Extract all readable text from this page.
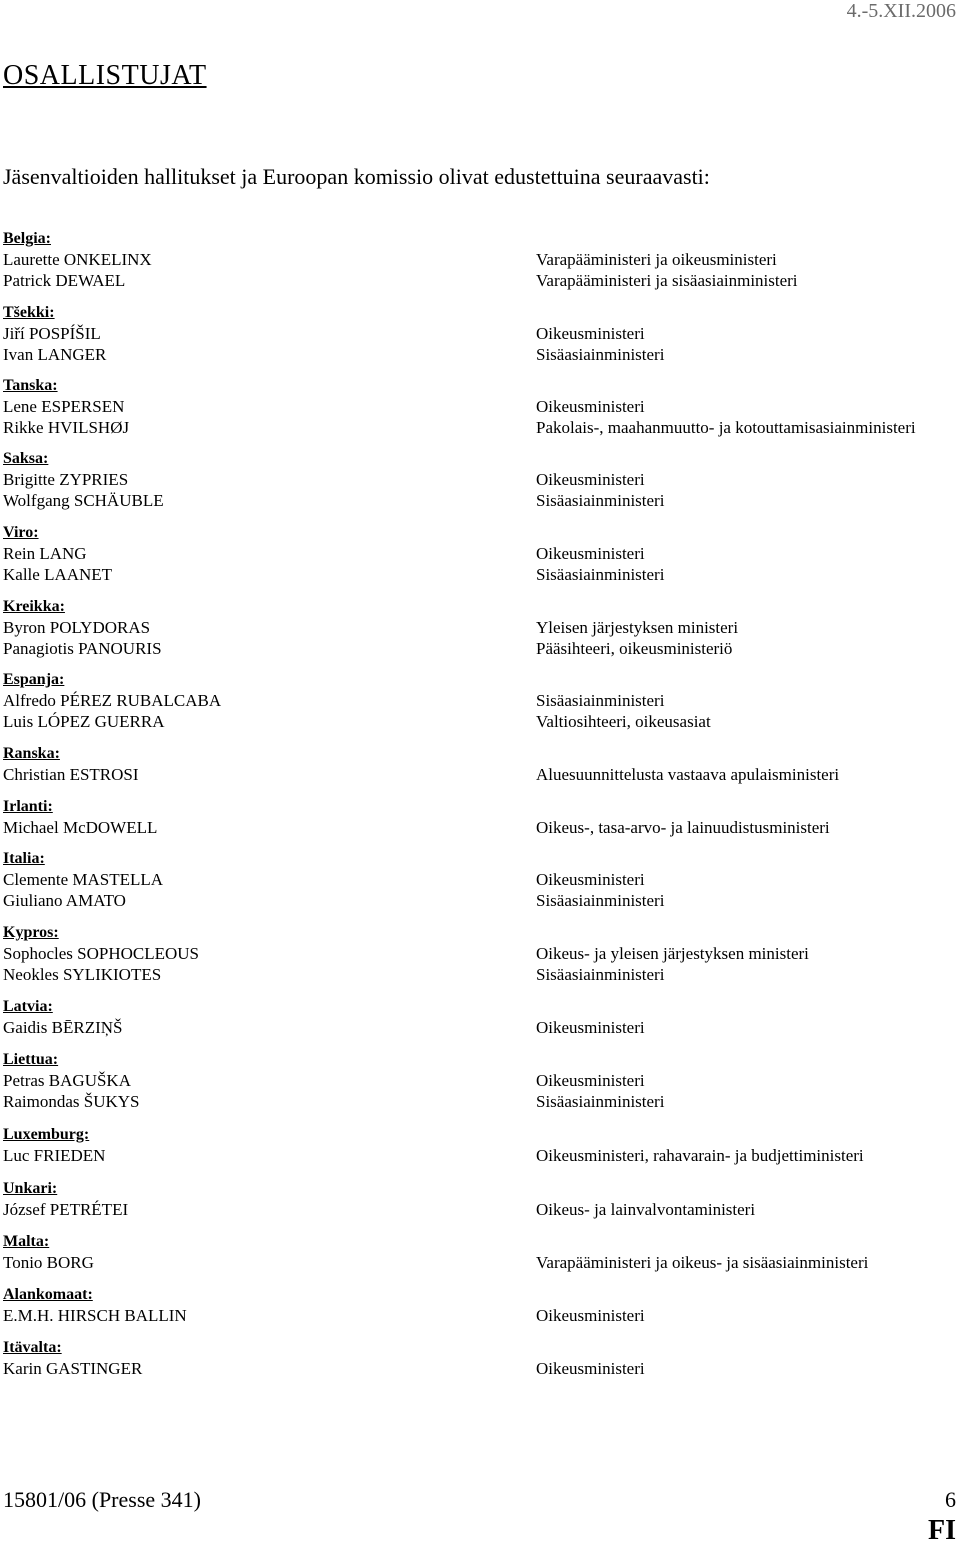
4.-5.XII.2006
OSALLISTUJAT
Jäsenvaltioiden hallitukset ja Euroopan komissio olivat edustettuina seuraavasti:
Belgia:
Laurette ONKELINX	Varapääministeri ja oikeusministeri
Patrick DEWAEL	Varapääministeri ja sisäasiainministeri
Tšekki:
Jiří POSPÍŠIL	Oikeusministeri
Ivan LANGER	Sisäasiainministeri
Tanska:
Lene ESPERSEN	Oikeusministeri
Rikke HVILSHØJ	Pakolais-, maahanmuutto- ja kotouttamisasiainministeri
Saksa:
Brigitte ZYPRIES	Oikeusministeri
Wolfgang SCHÄUBLE	Sisäasiainministeri
Viro:
Rein LANG	Oikeusministeri
Kalle LAANET	Sisäasiainministeri
Kreikka:
Byron POLYDORAS	Yleisen järjestyksen ministeri
Panagiotis PANOURIS	Pääsihteeri, oikeusministeriö
Espanja:
Alfredo PÉREZ RUBALCABA	Sisäasiainministeri
Luis LÓPEZ GUERRA	Valtiosihteeri, oikeusasiat
Ranska:
Christian ESTROSI	Aluesuunnittelusta vastaava apulaisministeri
Irlanti:
Michael McDOWELL	Oikeus-, tasa-arvo- ja lainuudistusministeri
Italia:
Clemente MASTELLA	Oikeusministeri
Giuliano AMATO	Sisäasiainministeri
Kypros:
Sophocles SOPHOCLEOUS	Oikeus- ja yleisen järjestyksen ministeri
Neokles SYLIKIOTES	Sisäasiainministeri
Latvia:
Gaidis BĒRZIŅŠ	Oikeusministeri
Liettua:
Petras BAGUŠKA	Oikeusministeri
Raimondas ŠUKYS	Sisäasiainministeri
Luxemburg:
Luc FRIEDEN	Oikeusministeri, rahavarain- ja budjettiministeri
Unkari:
József PETRÉTEI	Oikeus- ja lainvalvontaministeri
Malta:
Tonio BORG	Varapääministeri ja oikeus- ja sisäasiainministeri
Alankomaat:
E.M.H. HIRSCH BALLIN	Oikeusministeri
Itävalta:
Karin GASTINGER	Oikeusministeri
15801/06 (Presse 341)	6
FI
